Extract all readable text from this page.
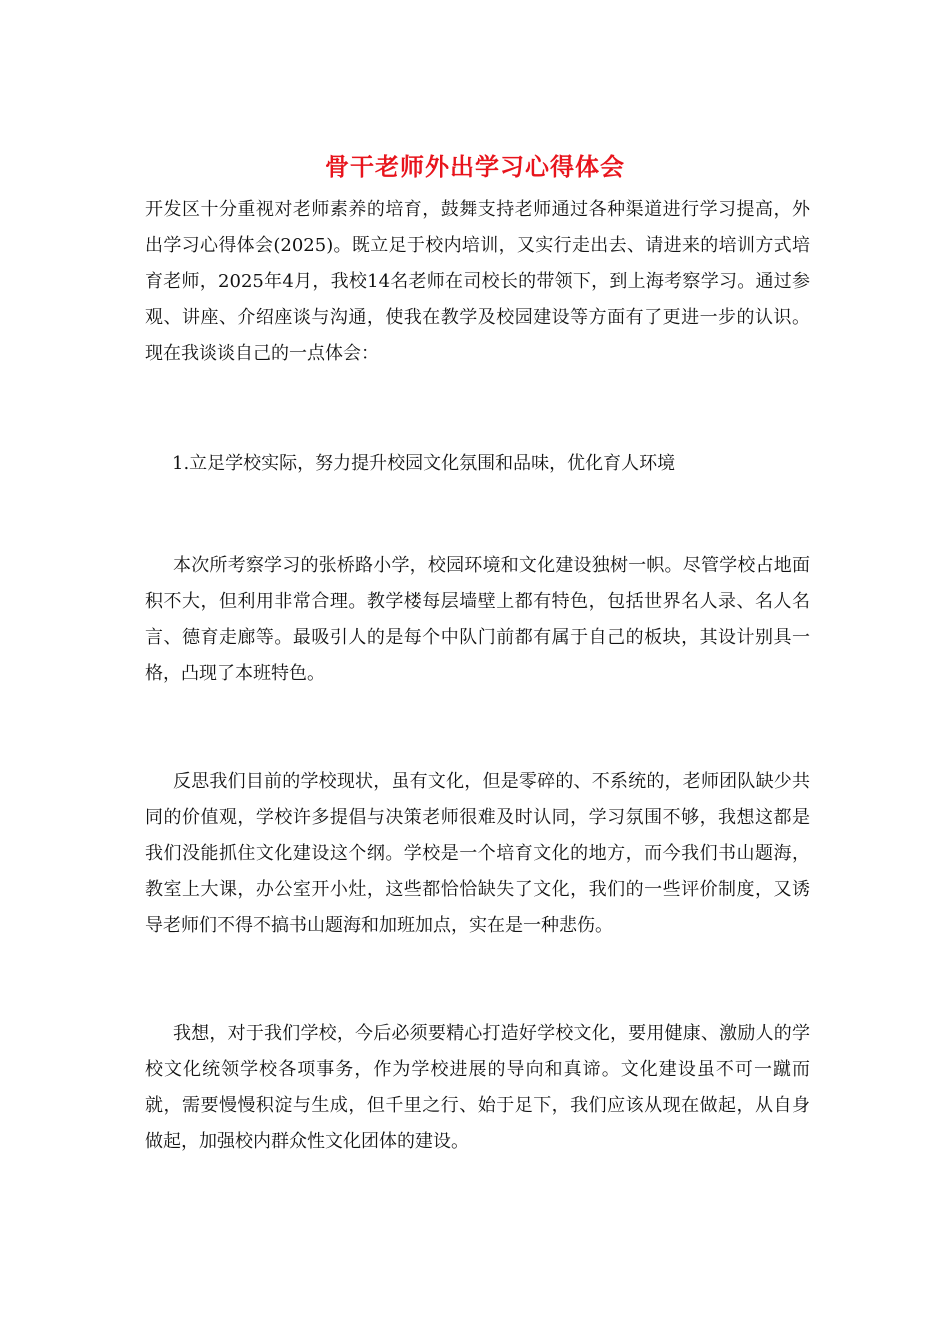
骨干老师外出学习心得体会

开发区十分重视对老师素养的培育，鼓舞支持老师通过各种渠道进行学习提高，外出学习心得体会(2025)。既立足于校内培训，又实行走出去、请进来的培训方式培育老师，2025年4月，我校14名老师在司校长的带领下，到上海考察学习。通过参观、讲座、介绍座谈与沟通，使我在教学及校园建设等方面有了更进一步的认识。现在我谈谈自己的一点体会：

1.立足学校实际，努力提升校园文化氛围和品味，优化育人环境

本次所考察学习的张桥路小学，校园环境和文化建设独树一帜。尽管学校占地面积不大，但利用非常合理。教学楼每层墙壁上都有特色，包括世界名人录、名人名言、德育走廊等。最吸引人的是每个中队门前都有属于自己的板块，其设计别具一格，凸现了本班特色。

反思我们目前的学校现状，虽有文化，但是零碎的、不系统的，老师团队缺少共同的价值观，学校许多提倡与决策老师很难及时认同，学习氛围不够，我想这都是我们没能抓住文化建设这个纲。学校是一个培育文化的地方，而今我们书山题海，教室上大课，办公室开小灶，这些都恰恰缺失了文化，我们的一些评价制度，又诱导老师们不得不搞书山题海和加班加点，实在是一种悲伤。

我想，对于我们学校，今后必须要精心打造好学校文化，要用健康、激励人的学校文化统领学校各项事务，作为学校进展的导向和真谛。文化建设虽不可一蹴而就，需要慢慢积淀与生成，但千里之行、始于足下，我们应该从现在做起，从自身做起，加强校内群众性文化团体的建设。
